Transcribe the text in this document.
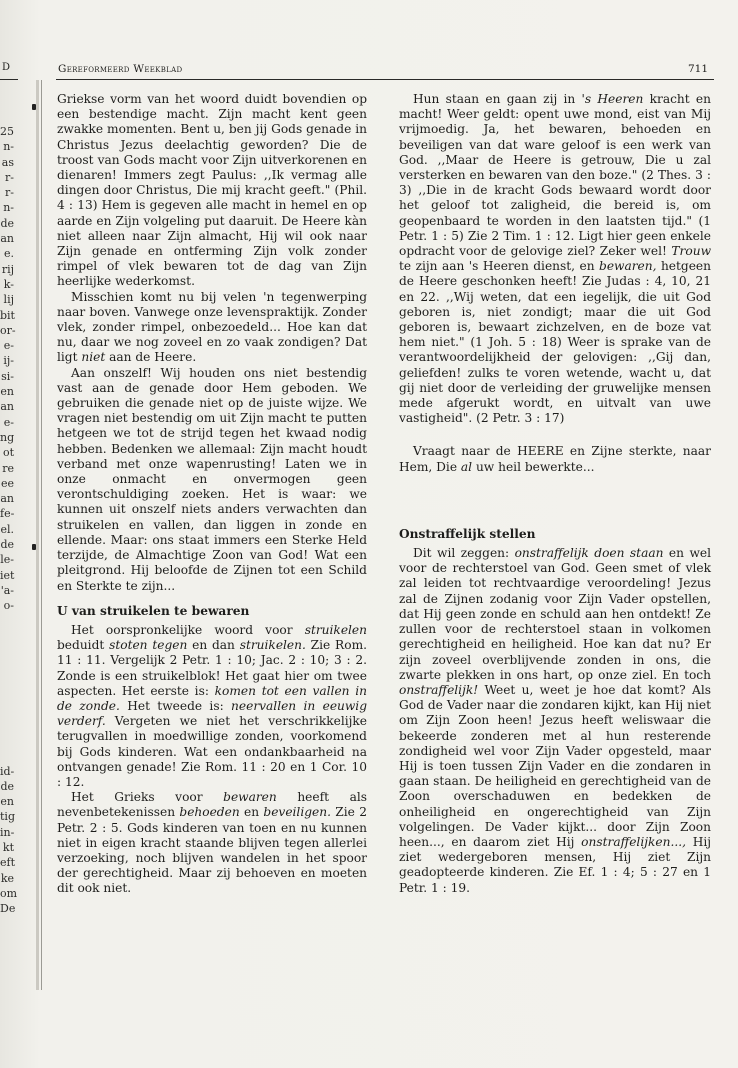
D
25
n-
as
r-
r-
n-
de
an
e.
rij
k-
lij
bit
or-
e-
ij-
si-
en
an
e-
ng
ot
re
ee
an
fe-
el.
de
le-
iet
'a-
o-
id-
de
en
tig
in-
kt
eft
ke
om
De
Gereformeerd Weekblad	711

Griekse vorm van het woord duidt bovendien op een bestendige macht. Zijn macht kent geen zwakke momenten. Bent u, ben jij Gods genade in Christus Jezus deelachtig geworden? Die de troost van Gods macht voor Zijn uitverkorenen en dienaren! Immers zegt Paulus: ,,Ik vermag alle dingen door Christus, Die mij kracht geeft." (Phil. 4 : 13) Hem is gegeven alle macht in hemel en op aarde en Zijn volgeling put daaruit. De Heere kàn niet alleen naar Zijn almacht, Hij wil ook naar Zijn genade en ontferming Zijn volk zonder rimpel of vlek bewaren tot de dag van Zijn heerlijke wederkomst.

Misschien komt nu bij velen 'n tegenwerping naar boven. Vanwege onze levenspraktijk. Zonder vlek, zonder rimpel, onbezoedeld... Hoe kan dat nu, daar we nog zoveel en zo vaak zondigen? Dat ligt niet aan de Heere.

Aan onszelf! Wij houden ons niet bestendig vast aan de genade door Hem geboden. We gebruiken die genade niet op de juiste wijze. We vragen niet bestendig om uit Zijn macht te putten hetgeen we tot de strijd tegen het kwaad nodig hebben. Bedenken we allemaal: Zijn macht houdt verband met onze wapenrusting! Laten we in onze onmacht en onvermogen geen verontschuldiging zoeken. Het is waar: we kunnen uit onszelf niets anders verwachten dan struikelen en vallen, dan liggen in zonde en ellende. Maar: ons staat immers een Sterke Held terzijde, de Almachtige Zoon van God! Wat een pleitgrond. Hij beloofde de Zijnen tot een Schild en Sterkte te zijn...

U van struikelen te bewaren

Het oorspronkelijke woord voor struikelen beduidt stoten tegen en dan struikelen. Zie Rom. 11 : 11. Vergelijk 2 Petr. 1 : 10; Jac. 2 : 10; 3 : 2. Zonde is een struikelblok! Het gaat hier om twee aspecten. Het eerste is: komen tot een vallen in de zonde. Het tweede is: neervallen in eeuwig verderf. Vergeten we niet het verschrikkelijke terugvallen in moedwillige zonden, voorkomend bij Gods kinderen. Wat een ondankbaarheid na ontvangen genade! Zie Rom. 11 : 20 en 1 Cor. 10 : 12.

Het Grieks voor bewaren heeft als nevenbetekenissen behoeden en beveiligen. Zie 2 Petr. 2 : 5. Gods kinderen van toen en nu kunnen niet in eigen kracht staande blijven tegen allerlei verzoeking, noch blijven wandelen in het spoor der gerechtigheid. Maar zij behoeven en moeten dit ook niet.

Hun staan en gaan zij in 's Heeren kracht en macht! Weer geldt: opent uwe mond, eist van Mij vrijmoedig. Ja, het bewaren, behoeden en beveiligen van dat ware geloof is een werk van God. ,,Maar de Heere is getrouw, Die u zal versterken en bewaren van den boze." (2 Thes. 3 : 3) ,,Die in de kracht Gods bewaard wordt door het geloof tot zaligheid, die bereid is, om geopenbaard te worden in den laatsten tijd." (1 Petr. 1 : 5) Zie 2 Tim. 1 : 12. Ligt hier geen enkele opdracht voor de gelovige ziel? Zeker wel! Trouw te zijn aan 's Heeren dienst, en bewaren, hetgeen de Heere geschonken heeft! Zie Judas : 4, 10, 21 en 22. ,,Wij weten, dat een iegelijk, die uit God geboren is, niet zondigt; maar die uit God geboren is, bewaart zichzelven, en de boze vat hem niet." (1 Joh. 5 : 18) Weer is sprake van de verantwoordelijkheid der gelovigen: ,,Gij dan, geliefden! zulks te voren wetende, wacht u, dat gij niet door de verleiding der gruwelijke mensen mede afgerukt wordt, en uitvalt van uwe vastigheid". (2 Petr. 3 : 17)

Vraagt naar de HEERE en Zijne sterkte, naar Hem, Die al uw heil bewerkte...

Onstraffelijk stellen

Dit wil zeggen: onstraffelijk doen staan en wel voor de rechterstoel van God. Geen smet of vlek zal leiden tot rechtvaardige veroordeling! Jezus zal de Zijnen zodanig voor Zijn Vader opstellen, dat Hij geen zonde en schuld aan hen ontdekt! Ze zullen voor de rechterstoel staan in volkomen gerechtigheid en heiligheid. Hoe kan dat nu? Er zijn zoveel overblijvende zonden in ons, die zwarte plekken in ons hart, op onze ziel. En toch onstraffelijk! Weet u, weet je hoe dat komt? Als God de Vader naar die zondaren kijkt, kan Hij niet om Zijn Zoon heen! Jezus heeft weliswaar die bekeerde zonderen met al hun resterende zondigheid wel voor Zijn Vader opgesteld, maar Hij is toen tussen Zijn Vader en die zondaren in gaan staan. De heiligheid en gerechtigheid van de Zoon overschaduwen en bedekken de onheiligheid en ongerechtigheid van Zijn volgelingen. De Vader kijkt... door Zijn Zoon heen..., en daarom ziet Hij onstraffelijken..., Hij ziet wedergeboren mensen, Hij ziet Zijn geadopteerde kinderen. Zie Ef. 1 : 4; 5 : 27 en 1 Petr. 1 : 19.
